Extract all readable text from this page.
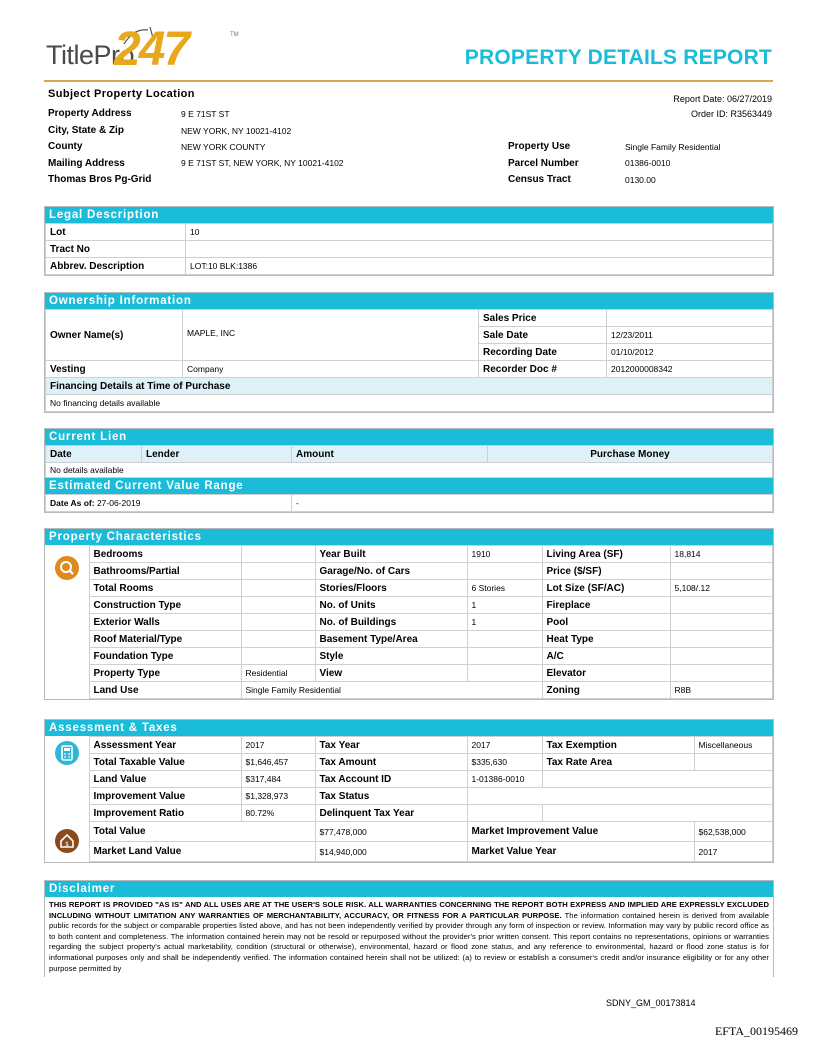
TitlePro
247	TM
PROPERTY DETAILS REPORT
Subject Property Location	Report Date: 06/27/2019
Order ID: R3563449
Property Address	9 E 71ST ST
City, State & Zip	NEW YORK, NY 10021-4102
County	NEW YORK COUNTY
Mailing Address	9 E 71ST ST, NEW YORK, NY 10021-4102
Thomas Bros Pg-Grid
Property Use	Single Family Residential
Parcel Number	01386-0010
Census Tract	0130.00
Legal Description
Lot	10
Tract No	
Abbrev. Description	LOT:10 BLK:1386
Ownership Information
Owner Name(s)	MAPLE, INC	Sales Price	
		Sale Date	12/23/2011
		Recording Date	01/10/2012
Vesting	Company	Recorder Doc #	2012000008342
Financing Details at Time of Purchase			
No financing details available			
Current Lien
Date	Lender	Amount	Purchase Money
No details available
Estimated Current Value Range
Date As of: 27-06-2019	-
Property Characteristics
	Bedrooms		Year Built	1910	Living Area (SF)	18,814
	Bathrooms/Partial		Garage/No. of Cars		Price ($/SF)	
	Total Rooms		Stories/Floors	6 Stories	Lot Size (SF/AC)	5,108/.12
	Construction Type		No. of Units	1	Fireplace	
	Exterior Walls		No. of Buildings	1	Pool	
	Roof Material/Type		Basement Type/Area		Heat Type	
	Foundation Type		Style		A/C	
	Property Type	Residential	View		Elevator	
	Land Use	Single Family Residential			Zoning	R8B
Assessment & Taxes
	Assessment Year	2017	Tax Year	2017	Tax Exemption	Miscellaneous
	Total Taxable Value	$1,646,457	Tax Amount	$335,630	Tax Rate Area	
	Land Value	$317,484	Tax Account ID	1-01386-0010		
	Improvement Value	$1,328,973	Tax Status			
	Improvement Ratio	80.72%	Delinquent Tax Year			

$	Total Value		$77,478,000	Market Improvement Value		$62,538,000
	Market Land Value		$14,940,000	Market Value Year		2017
Disclaimer
THIS REPORT IS PROVIDED "AS IS" AND ALL USES ARE AT THE USER'S SOLE RISK. ALL WARRANTIES CONCERNING THE REPORT BOTH EXPRESS AND IMPLIED ARE EXPRESSLY EXCLUDED INCLUDING WITHOUT LIMITATION ANY WARRANTIES OF MERCHANTABILITY, ACCURACY, OR FITNESS FOR A PARTICULAR PURPOSE. The information contained herein is derived from available public records for the subject or comparable properties listed above, and has not been independently verified by provider through any form of inspection or review. Information may vary by public record office as to both content and completeness. The information contained herein may not be resold or repurposed without the provider's prior written consent. This report contains no representations, opinions or warranties regarding the subject property's actual marketability, condition (structural or otherwise), environmental, hazard or flood zone status, and any reference to environmental, hazard or flood zone status is for informational purposes only and shall be independently verified. The information contained herein shall not be utilized: (a) to review or establish a consumer's credit and/or insurance eligibility or for any other purpose permitted by
SDNY_GM_00173814
EFTA_00195469
